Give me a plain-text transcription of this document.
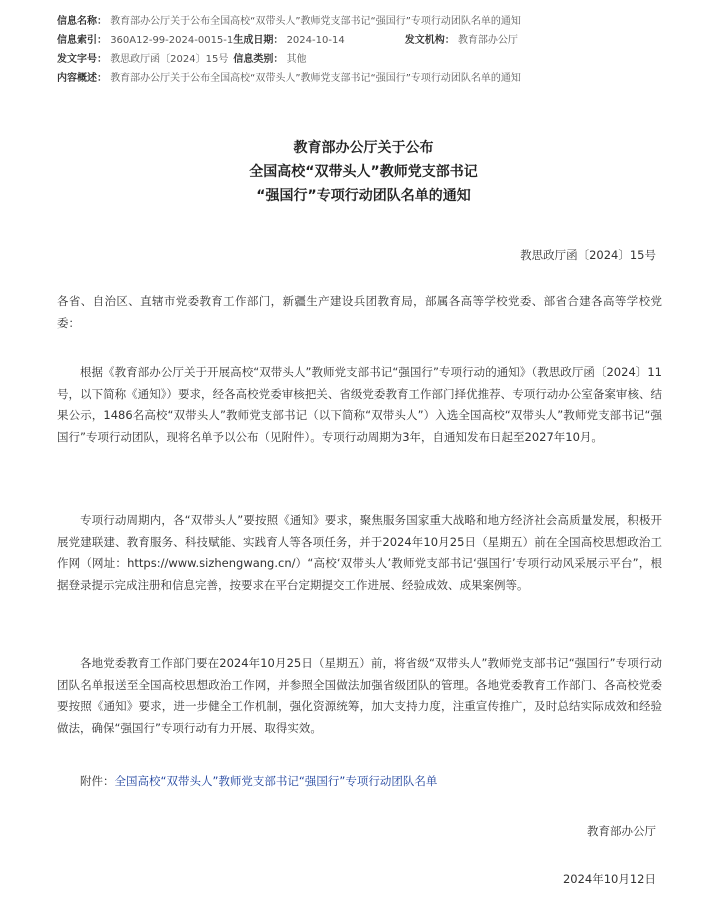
信息名称： 教育部办公厅关于公布全国高校“双带头人”教师党支部书记“强国行”专项行动团队名单的通知
信息索引： 360A12-99-2024-0015-1 生成日期： 2024-10-14	发文机构： 教育部办公厅
发文字号： 教思政厅函〔2024〕15号 信息类别： 其他
内容概述： 教育部办公厅关于公布全国高校“双带头人”教师党支部书记“强国行”专项行动团队名单的通知
教育部办公厅关于公布
全国高校“双带头人”教师党支部书记
“强国行”专项行动团队名单的通知
教思政厅函〔2024〕15号
各省、自治区、直辖市党委教育工作部门，新疆生产建设兵团教育局，部属各高等学校党委、部省合建各高等学校党委：
根据《教育部办公厅关于开展高校“双带头人”教师党支部书记“强国行”专项行动的通知》（教思政厅函〔2024〕11号，以下简称《通知》）要求，经各高校党委审核把关、省级党委教育工作部门择优推荐、专项行动办公室备案审核、结果公示，1486名高校“双带头人”教师党支部书记（以下简称“双带头人”）入选全国高校“双带头人”教师党支部书记“强国行”专项行动团队，现将名单予以公布（见附件）。专项行动周期为3年，自通知发布日起至2027年10月。
专项行动周期内，各“双带头人”要按照《通知》要求，聚焦服务国家重大战略和地方经济社会高质量发展，积极开展党建联建、教育服务、科技赋能、实践育人等各项任务，并于2024年10月25日（星期五）前在全国高校思想政治工作网（网址：https://www.sizhengwang.cn/）“高校‘双带头人’教师党支部书记‘强国行’专项行动风采展示平台”，根据登录提示完成注册和信息完善，按要求在平台定期提交工作进展、经验成效、成果案例等。
各地党委教育工作部门要在2024年10月25日（星期五）前，将省级“双带头人”教师党支部书记“强国行”专项行动团队名单报送至全国高校思想政治工作网，并参照全国做法加强省级团队的管理。各地党委教育工作部门、各高校党委要按照《通知》要求，进一步健全工作机制，强化资源统筹，加大支持力度，注重宣传推广，及时总结实际成效和经验做法，确保“强国行”专项行动有力开展、取得实效。
附件：全国高校“双带头人”教师党支部书记“强国行”专项行动团队名单
教育部办公厅
2024年10月12日
